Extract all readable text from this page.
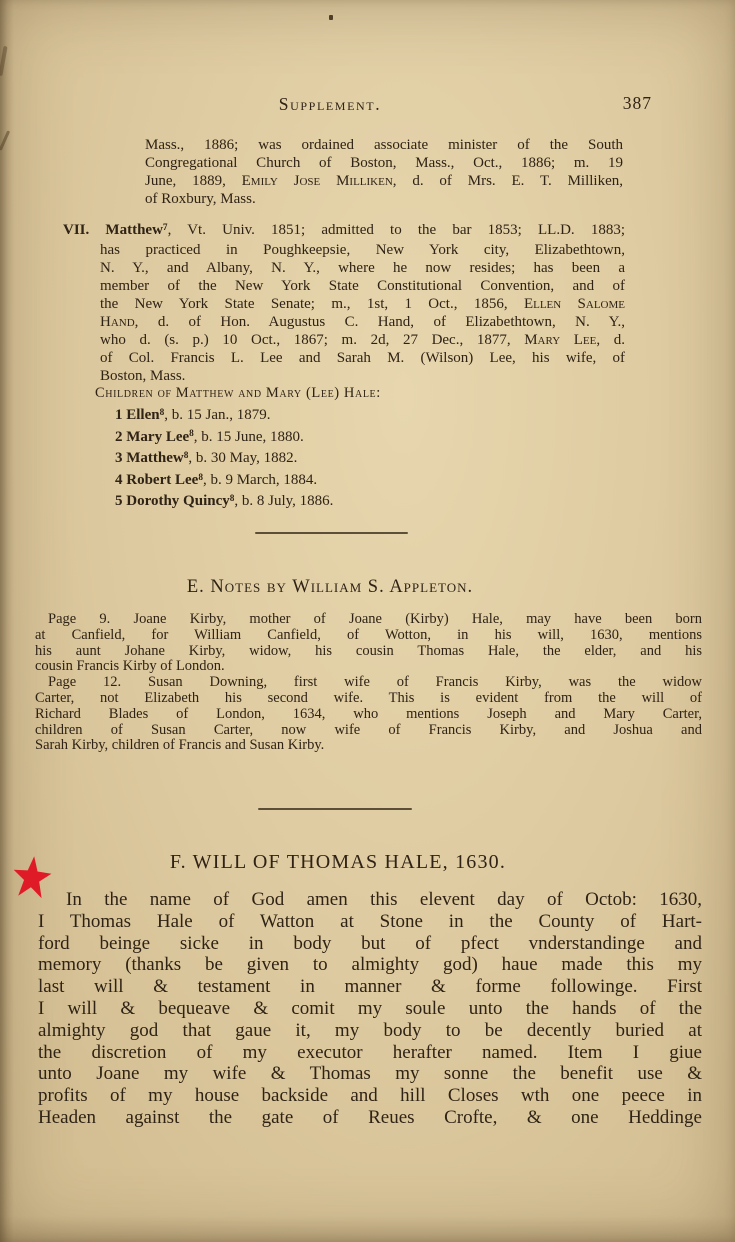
Supplement.	387
Mass., 1886; was ordained associate minister of the South
Congregational Church of Boston, Mass., Oct., 1886; m. 19
June, 1889, Emily Jose Milliken, d. of Mrs. E. T. Milliken,
of Roxbury, Mass.
VII. Matthew$^7$, Vt. Univ. 1851; admitted to the bar 1853; LL.D. 1883;
has practiced in Poughkeepsie, New York city, Elizabethtown,
N. Y., and Albany, N. Y., where he now resides; has been a
member of the New York State Constitutional Convention, and of
the New York State Senate; m., 1st, 1 Oct., 1856, Ellen Salome
Hand, d. of Hon. Augustus C. Hand, of Elizabethtown, N. Y.,
who d. (s. p.) 10 Oct., 1867; m. 2d, 27 Dec., 1877, Mary Lee, d.
of Col. Francis L. Lee and Sarah M. (Wilson) Lee, his wife, of
Boston, Mass.
Children of Matthew and Mary (Lee) Hale:
1 Ellen$^8$, b. 15 Jan., 1879.
2 Mary Lee$^8$, b. 15 June, 1880.
3 Matthew$^8$, b. 30 May, 1882.
4 Robert Lee$^8$, b. 9 March, 1884.
5 Dorothy Quincy$^8$, b. 8 July, 1886.
E. Notes by William S. Appleton.
Page 9. Joane Kirby, mother of Joane (Kirby) Hale, may have been born
at Canfield, for William Canfield, of Wotton, in his will, 1630, mentions
his aunt Johane Kirby, widow, his cousin Thomas Hale, the elder, and his
cousin Francis Kirby of London.
Page 12. Susan Downing, first wife of Francis Kirby, was the widow
Carter, not Elizabeth his second wife. This is evident from the will of
Richard Blades of London, 1634, who mentions Joseph and Mary Carter,
children of Susan Carter, now wife of Francis Kirby, and Joshua and
Sarah Kirby, children of Francis and Susan Kirby.
F. WILL OF THOMAS HALE, 1630.
In the name of God amen this elevent day of Octob: 1630,
I Thomas Hale of Watton at Stone in the County of Hart-
ford beinge sicke in body but of pfect vnderstandinge and
memory (thanks be given to almighty god) haue made this my
last will & testament in manner & forme followinge. First
I will & bequeave & comit my soule unto the hands of the
almighty god that gaue it, my body to be decently buried at
the discretion of my executor herafter named. Item I giue
unto Joane my wife & Thomas my sonne the benefit use &
profits of my house backside and hill Closes wth one peece in
Headen against the gate of Reues Crofte, & one Heddinge
